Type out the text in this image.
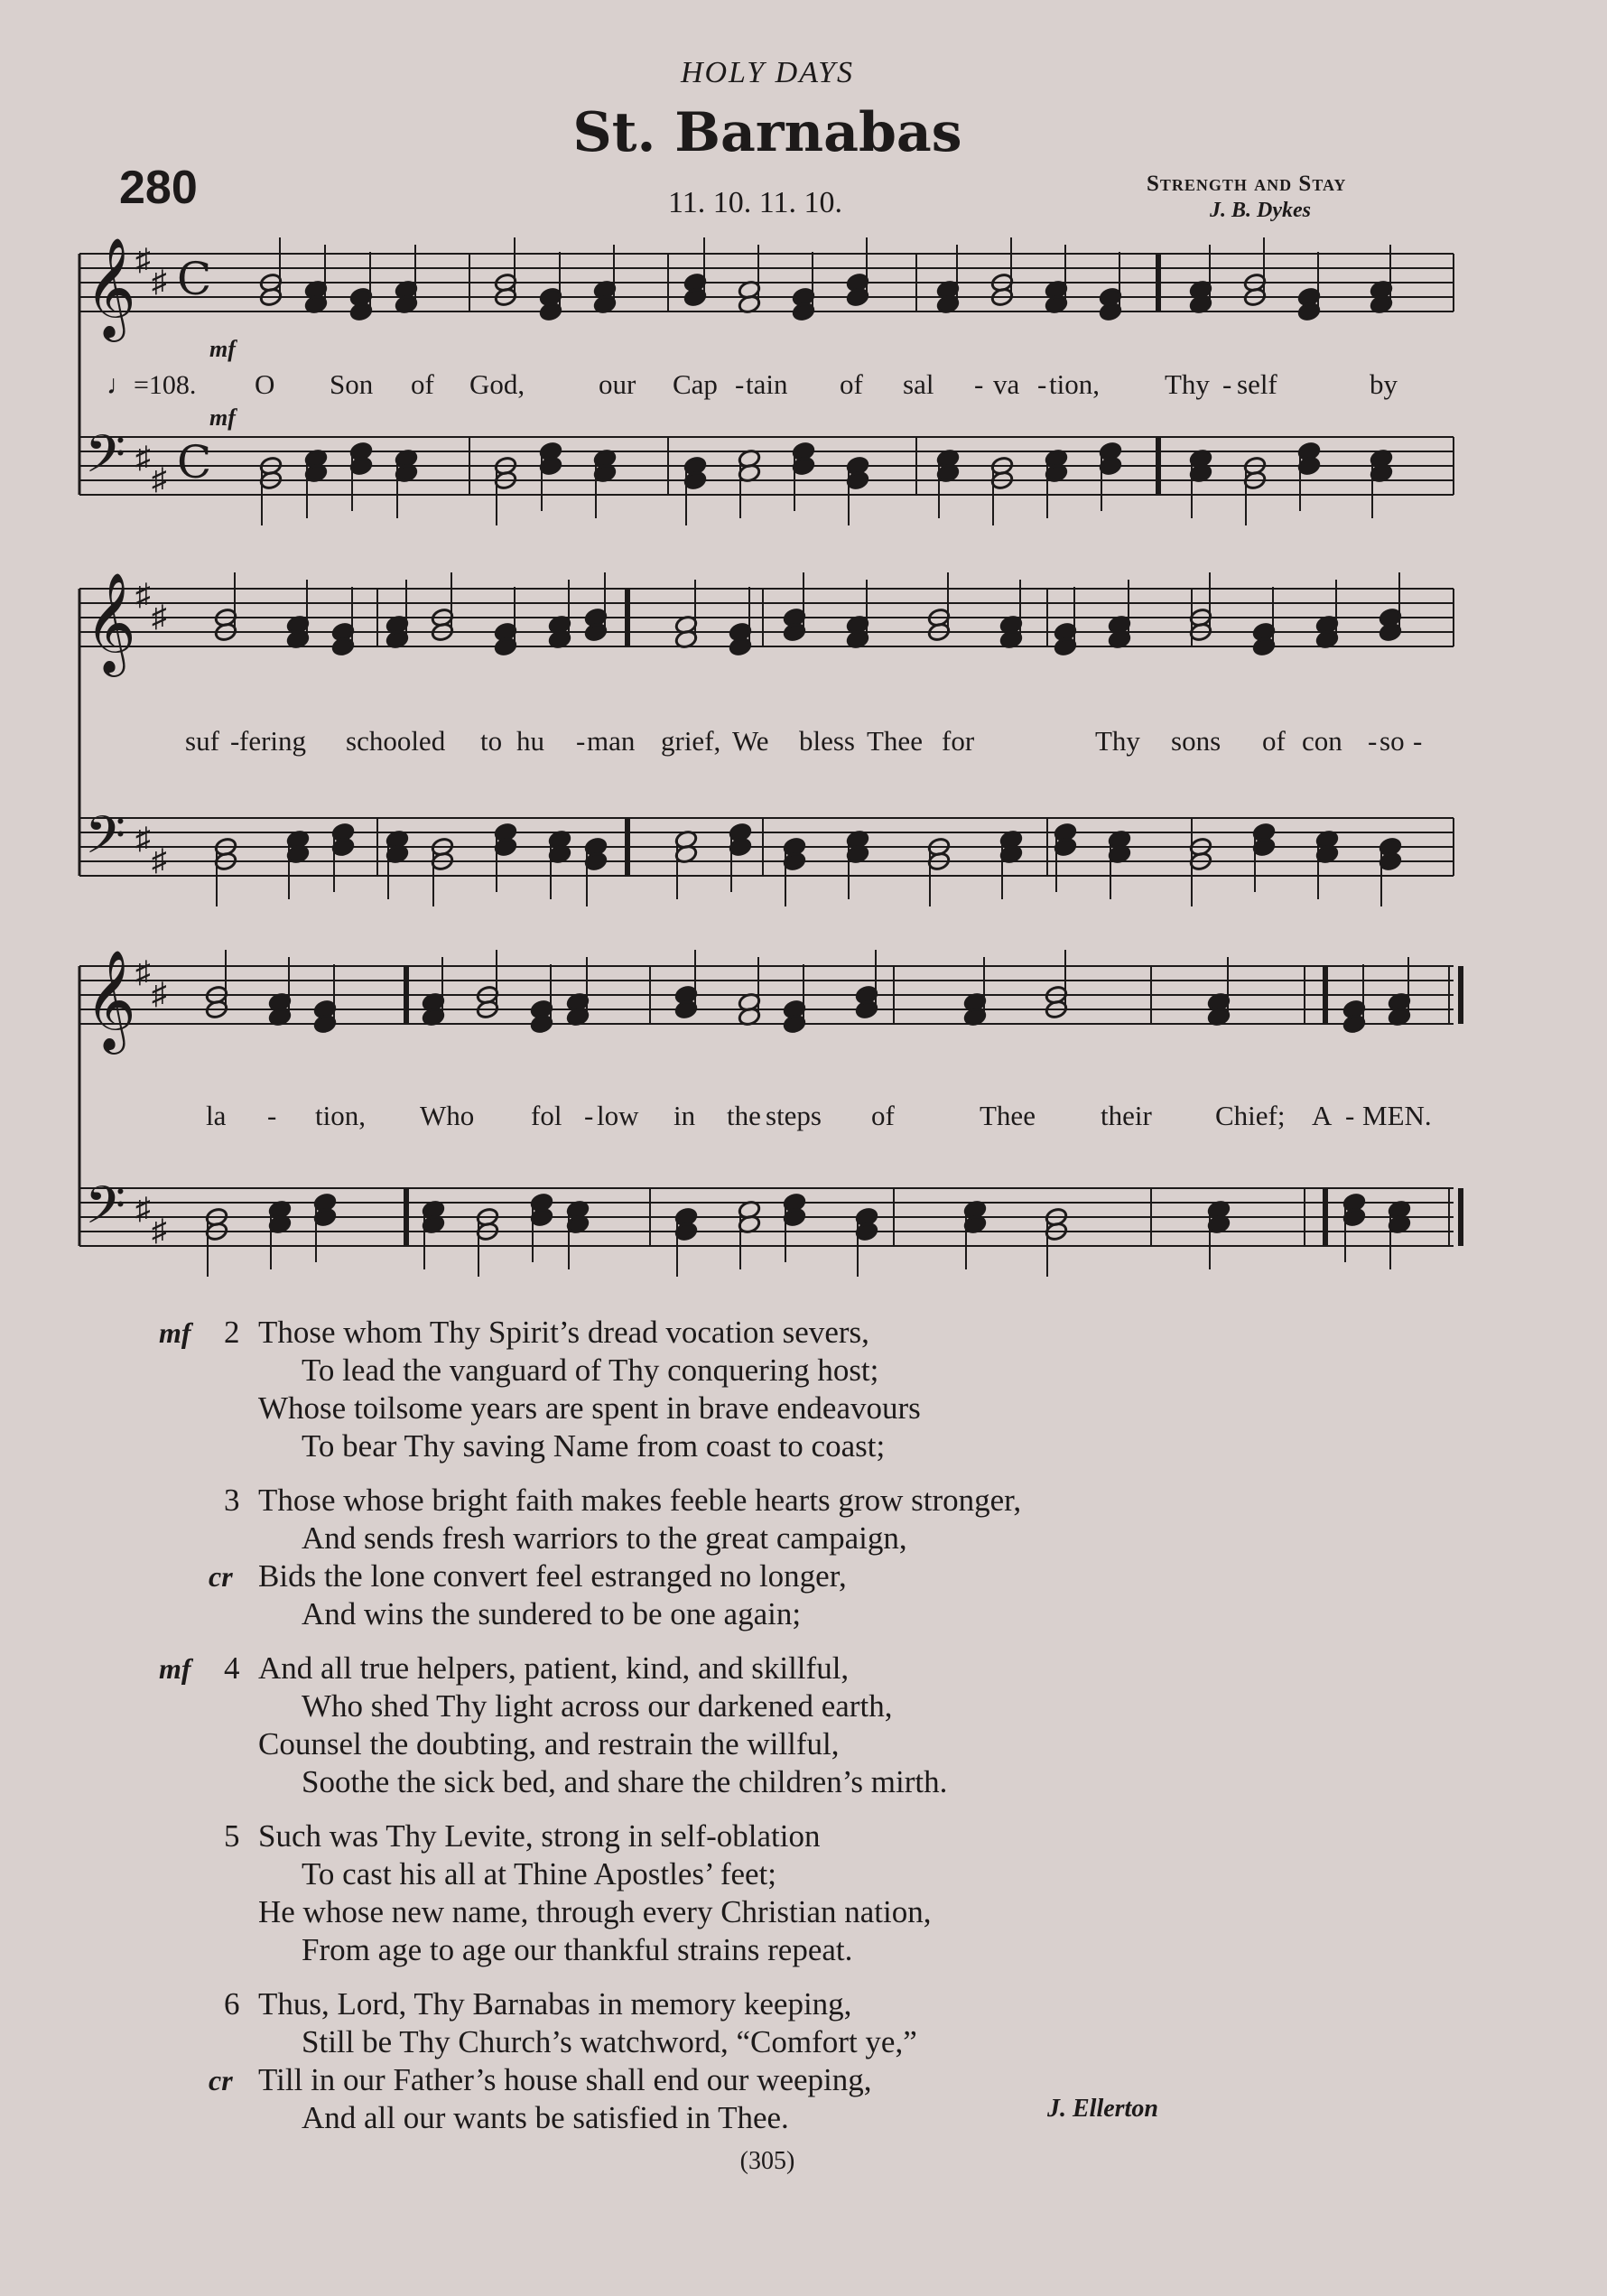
HOLY DAYS
St. Barnabas
280	11. 10. 11. 10.
Strength and Stay
J. B. Dykes
𝄞 ♯
♯ C
𝄢 ♯
♯ C
𝄞 ♯
♯
𝄢 ♯
♯
𝄞 ♯
♯
𝄢 ♯
♯
♩=108.
mf
mf
O Son of God,	our Cap - tain of sal - va - tion, Thy - self	by
suf - fering schooled to hu - man grief, We bless Thee for	Thy sons of con - so -
la - tion, Who fol - low in the steps of	Thee their Chief; A - MEN.
mf 2 Those whom Thy Spirit’s dread vocation severs,
To lead the vanguard of Thy conquering host;
Whose toilsome years are spent in brave endeavours
To bear Thy saving Name from coast to coast;
3 Those whose bright faith makes feeble hearts grow stronger,
And sends fresh warriors to the great campaign,
cr Bids the lone convert feel estranged no longer,
And wins the sundered to be one again;
mf 4 And all true helpers, patient, kind, and skillful,
Who shed Thy light across our darkened earth,
Counsel the doubting, and restrain the willful,
Soothe the sick bed, and share the children’s mirth.
5 Such was Thy Levite, strong in self-oblation
To cast his all at Thine Apostles’ feet;
He whose new name, through every Christian nation,
From age to age our thankful strains repeat.
6 Thus, Lord, Thy Barnabas in memory keeping,
Still be Thy Church’s watchword, “Comfort ye,”
cr Till in our Father’s house shall end our weeping,
And all our wants be satisfied in Thee.	J. Ellerton
(305)
